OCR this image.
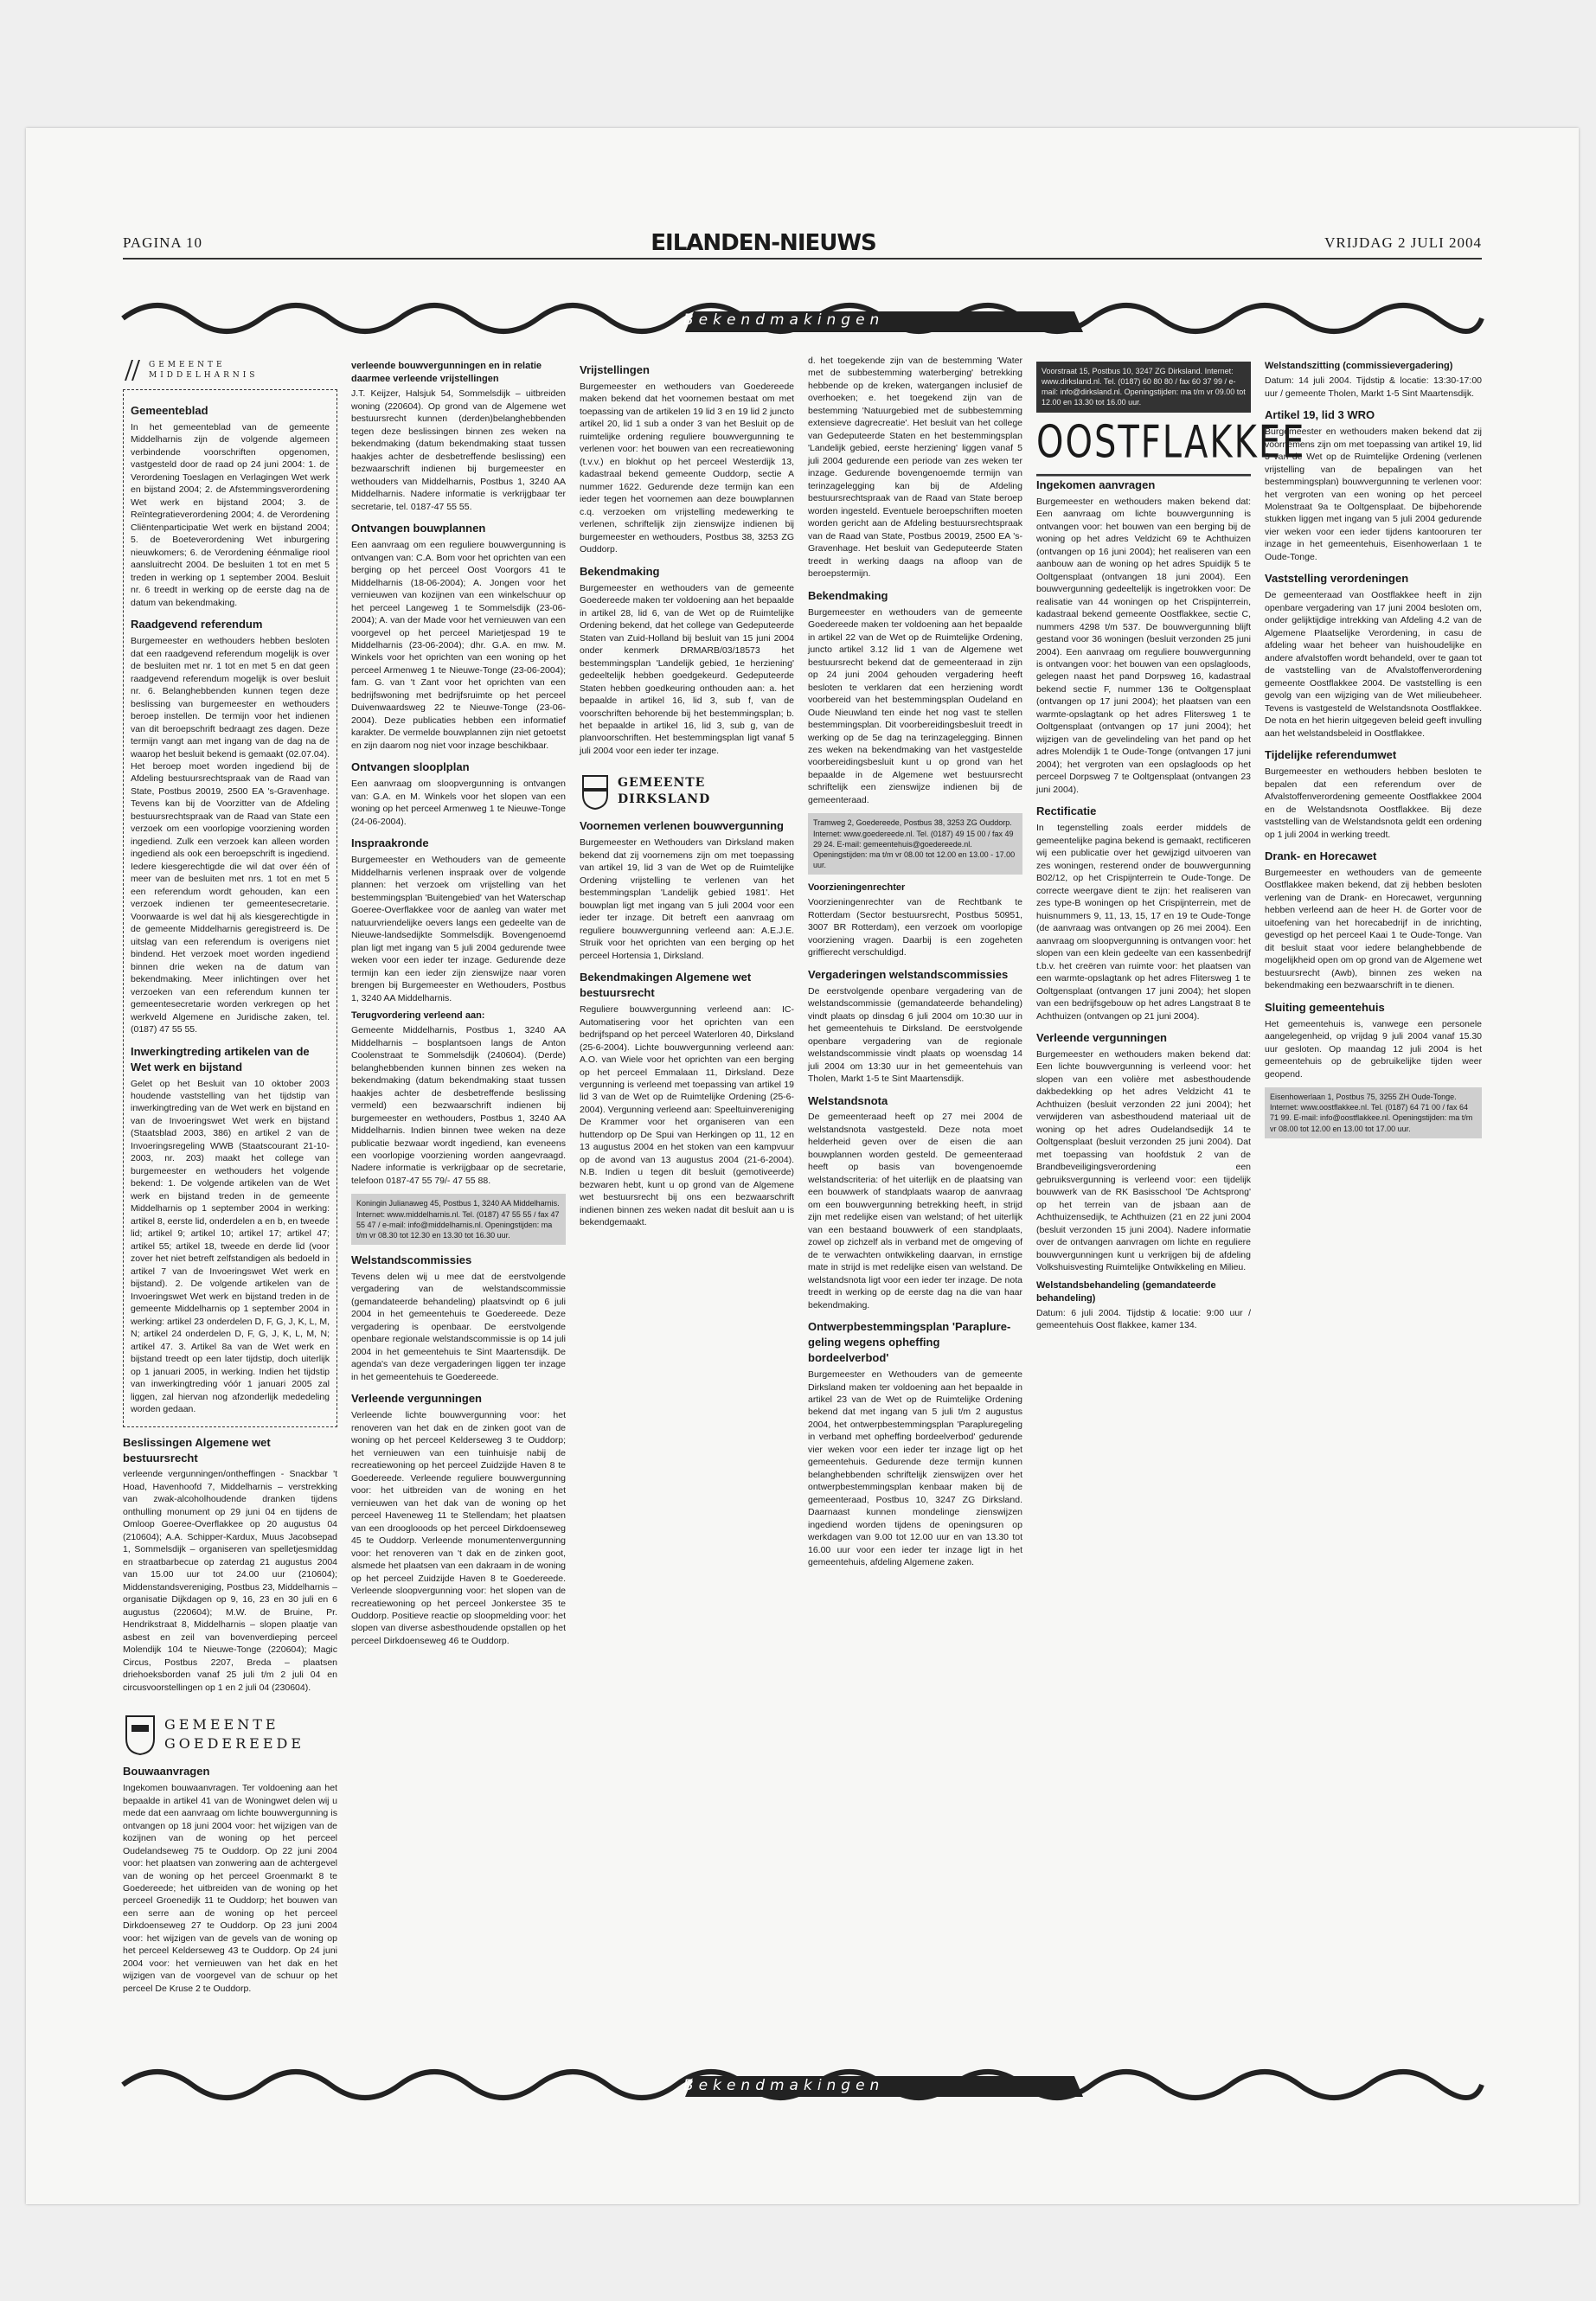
PAGINA 10	EILANDEN-NIEUWS	VRIJDAG 2 JULI 2004
Bekendmakingen
GEMEENTE MIDDELHARNIS
Gemeenteblad

In het gemeenteblad van de gemeente Middelharnis zijn de volgende algemeen verbindende voorschriften opgenomen, vastgesteld door de raad op 24 juni 2004: 1. de Verordening Toeslagen en Verlagingen Wet werk en bijstand 2004; 2. de Afstemmingsverordening Wet werk en bijstand 2004; 3. de Reïntegratieverordening 2004; 4. de Verordening Cliëntenparticipatie Wet werk en bijstand 2004; 5. de Boeteverordening Wet inburgering nieuwkomers; 6. de Verordening éénmalige riool aansluitrecht 2004. De besluiten 1 tot en met 5 treden in werking op 1 september 2004. Besluit nr. 6 treedt in werking op de eerste dag na de datum van bekendmaking.

Raadgevend referendum

Burgemeester en wethouders hebben besloten dat een raadgevend referendum mogelijk is over de besluiten met nr. 1 tot en met 5 en dat geen raadgevend referendum mogelijk is over besluit nr. 6. Belanghebbenden kunnen tegen deze beslissing van burgemeester en wethouders beroep instellen. De termijn voor het indienen van dit beroepschrift bedraagt zes dagen. Deze termijn vangt aan met ingang van de dag na de waarop het besluit bekend is gemaakt (02.07.04). Het beroep moet worden ingediend bij de Afdeling bestuursrechtspraak van de Raad van State, Postbus 20019, 2500 EA 's-Gravenhage. Tevens kan bij de Voorzitter van de Afdeling bestuursrechtspraak van de Raad van State een verzoek om een voorlopige voorziening worden ingediend. Zulk een verzoek kan alleen worden ingediend als ook een beroepschrift is ingediend. Iedere kiesgerechtigde die wil dat over één of meer van de besluiten met nrs. 1 tot en met 5 een referendum wordt gehouden, kan een verzoek indienen ter gemeentesecretarie. Voorwaarde is wel dat hij als kiesgerechtigde in de gemeente Middelharnis geregistreerd is. De uitslag van een referendum is overigens niet bindend. Het verzoek moet worden ingediend binnen drie weken na de datum van bekendmaking. Meer inlichtingen over het verzoeken van een referendum kunnen ter gemeentesecretarie worden verkregen op het werkveld Algemene en Juridische zaken, tel. (0187) 47 55 55.

Inwerkingtreding artikelen van de Wet werk en bijstand

Gelet op het Besluit van 10 oktober 2003 houdende vaststelling van het tijdstip van inwerkingtreding van de Wet werk en bijstand en van de Invoeringswet Wet werk en bijstand (Staatsblad 2003, 386) en artikel 2 van de Invoeringsregeling WWB (Staatscourant 21-10-2003, nr. 203) maakt het college van burgemeester en wethouders het volgende bekend: 1. De volgende artikelen van de Wet werk en bijstand treden in de gemeente Middelharnis op 1 september 2004 in werking: artikel 8, eerste lid, onderdelen a en b, en tweede lid; artikel 9; artikel 10; artikel 17; artikel 47; artikel 55; artikel 18, tweede en derde lid (voor zover het niet betreft zelfstandigen als bedoeld in artikel 7 van de Invoeringswet Wet werk en bijstand). 2. De volgende artikelen van de Invoeringswet Wet werk en bijstand treden in de gemeente Middelharnis op 1 september 2004 in werking: artikel 23 onderdelen D, F, G, J, K, L, M, N; artikel 24 onderdelen D, F, G, J, K, L, M, N; artikel 47. 3. Artikel 8a van de Wet werk en bijstand treedt op een later tijdstip, doch uiterlijk op 1 januari 2005, in werking. Indien het tijdstip van inwerkingtreding vóór 1 januari 2005 zal liggen, zal hiervan nog afzonderlijk mededeling worden gedaan.

Beslissingen Algemene wet bestuursrecht

verleende vergunningen/ontheffingen - Snackbar 't Hoad, Havenhoofd 7, Middelharnis – verstrekking van zwak-alcoholhoudende dranken tijdens onthulling monument op 29 juni 04 en tijdens de Omloop Goeree-Overflakkee op 20 augustus 04 (210604); A.A. Schipper-Kardux, Muus Jacobsepad 1, Sommelsdijk – organiseren van spelletjesmiddag en straatbarbecue op zaterdag 21 augustus 2004 van 15.00 uur tot 24.00 uur (210604); Middenstandsvereniging, Postbus 23, Middelharnis – organisatie Dijkdagen op 9, 16, 23 en 30 juli en 6 augustus (220604); M.W. de Bruine, Pr. Hendrikstraat 8, Middelharnis – slopen plaatje van asbest en zeil van bovenverdieping perceel Molendijk 104 te Nieuwe-Tonge (220604); Magic Circus, Postbus 2207, Breda – plaatsen driehoeksborden vanaf 25 juli t/m 2 juli 04 en circusvoorstellingen op 1 en 2 juli 04 (230604).

GEMEENTE GOEDEREEDE
Bouwaanvragen

Ingekomen bouwaanvragen. Ter voldoening aan het bepaalde in artikel 41 van de Woningwet delen wij u mede dat een aanvraag om lichte bouwvergunning is ontvangen op 18 juni 2004 voor: het wijzigen van de kozijnen van de woning op het perceel Oudelandseweg 75 te Ouddorp. Op 22 juni 2004 voor: het plaatsen van zonwering aan de achtergevel van de woning op het perceel Groenmarkt 8 te Goedereede; het uitbreiden van de woning op het perceel Groenedijk 11 te Ouddorp; het bouwen van een serre aan de woning op het perceel Dirkdoenseweg 27 te Ouddorp. Op 23 juni 2004 voor: het wijzigen van de gevels van de woning op het perceel Kelderseweg 43 te Ouddorp. Op 24 juni 2004 voor: het vernieuwen van het dak en het wijzigen van de voorgevel van de schuur op het perceel De Kruse 2 te Ouddorp.

verleende bouwvergunningen en in relatie daarmee verleende vrijstellingen

J.T. Keijzer, Halsjuk 54, Sommelsdijk – uitbreiden woning (220604). Op grond van de Algemene wet bestuursrecht kunnen (derden)belanghebbenden tegen deze beslissingen binnen zes weken na bekendmaking (datum bekendmaking staat tussen haakjes achter de desbetreffende beslissing) een bezwaarschrift indienen bij burgemeester en wethouders van Middelharnis, Postbus 1, 3240 AA Middelharnis. Nadere informatie is verkrijgbaar ter secretarie, tel. 0187-47 55 55.

Ontvangen bouwplannen

Een aanvraag om een reguliere bouwvergunning is ontvangen van: C.A. Bom voor het oprichten van een berging op het perceel Oost Voorgors 41 te Middelharnis (18-06-2004); A. Jongen voor het vernieuwen van kozijnen van een winkelschuur op het perceel Langeweg 1 te Sommelsdijk (23-06-2004); A. van der Made voor het vernieuwen van een voorgevel op het perceel Marietjespad 19 te Middelharnis (23-06-2004); dhr. G.A. en mw. M. Winkels voor het oprichten van een woning op het perceel Armenweg 1 te Nieuwe-Tonge (23-06-2004); fam. G. van 't Zant voor het oprichten van een bedrijfswoning met bedrijfsruimte op het perceel Duivenwaardsweg 22 te Nieuwe-Tonge (23-06-2004). Deze publicaties hebben een informatief karakter. De vermelde bouwplannen zijn niet getoetst en zijn daarom nog niet voor inzage beschikbaar.

Ontvangen slooplplan

Een aanvraag om sloopvergunning is ontvangen van: G.A. en M. Winkels voor het slopen van een woning op het perceel Armenweg 1 te Nieuwe-Tonge (24-06-2004).

Inspraakronde

Burgemeester en Wethouders van de gemeente Middelharnis verlenen inspraak over de volgende plannen: het verzoek om vrijstelling van het bestemmingsplan 'Buitengebied' van het Waterschap Goeree-Overflakkee voor de aanleg van water met natuurvriendelijke oevers langs een gedeelte van de Nieuwe-landsedijkte Sommelsdijk. Bovengenoemd plan ligt met ingang van 5 juli 2004 gedurende twee weken voor een ieder ter inzage. Gedurende deze termijn kan een ieder zijn zienswijze naar voren brengen bij Burgemeester en Wethouders, Postbus 1, 3240 AA Middelharnis.

Terugvordering verleend aan:

Gemeente Middelharnis, Postbus 1, 3240 AA Middelharnis – bosplantsoen langs de Anton Coolenstraat te Sommelsdijk (240604). (Derde) belanghebbenden kunnen binnen zes weken na bekendmaking (datum bekendmaking staat tussen haakjes achter de desbetreffende beslissing vermeld) een bezwaarschrift indienen bij burgemeester en wethouders, Postbus 1, 3240 AA Middelharnis. Indien binnen twee weken na deze publicatie bezwaar wordt ingediend, kan eveneens een voorlopige voorziening worden aangevraagd. Nadere informatie is verkrijgbaar op de secretarie, telefoon 0187-47 55 79/- 47 55 88.

Koningin Julianaweg 45, Postbus 1, 3240 AA Middelharnis. Internet: www.middelharnis.nl. Tel. (0187) 47 55 55 / fax 47 55 47 / e-mail: info@middelharnis.nl. Openingstijden: ma t/m vr 08.30 tot 12.30 en 13.30 tot 16.30 uur.
Welstandscommissies

Tevens delen wij u mee dat de eerstvolgende vergadering van de welstandscommissie (gemandateerde behandeling) plaatsvindt op 6 juli 2004 in het gemeentehuis te Goedereede. Deze vergadering is openbaar. De eerstvolgende openbare regionale welstandscommissie is op 14 juli 2004 in het gemeentehuis te Sint Maartensdijk. De agenda's van deze vergaderingen liggen ter inzage in het gemeentehuis te Goedereede.

Verleende vergunningen

Verleende lichte bouwvergunning voor: het renoveren van het dak en de zinken goot van de woning op het perceel Kelderseweg 3 te Ouddorp; het vernieuwen van een tuinhuisje nabij de recreatiewoning op het perceel Zuidzijde Haven 8 te Goedereede. Verleende reguliere bouwvergunning voor: het uitbreiden van de woning en het vernieuwen van het dak van de woning op het perceel Haveneweg 11 te Stellendam; het plaatsen van een drooglooods op het perceel Dirkdoenseweg 45 te Ouddorp. Verleende monumentenvergunning voor: het renoveren van 't dak en de zinken goot, alsmede het plaatsen van een dakraam in de woning op het perceel Zuidzijde Haven 8 te Goedereede. Verleende sloopvergunning voor: het slopen van de recreatiewoning op het perceel Jonkerstee 35 te Ouddorp. Positieve reactie op sloopmelding voor: het slopen van diverse asbesthoudende opstallen op het perceel Dirkdoenseweg 46 te Ouddorp.

Vrijstellingen

Burgemeester en wethouders van Goedereede maken bekend dat het voornemen bestaat om met toepassing van de artikelen 19 lid 3 en 19 lid 2 juncto artikel 20, lid 1 sub a onder 3 van het Besluit op de ruimtelijke ordening reguliere bouwvergunning te verlenen voor: het bouwen van een recreatiewoning (t.v.v.) en blokhut op het perceel Westerdijk 13, kadastraal bekend gemeente Ouddorp, sectie A nummer 1622. Gedurende deze termijn kan een ieder tegen het voornemen aan deze bouwplannen c.q. verzoeken om vrijstelling medewerking te verlenen, schriftelijk zijn zienswijze indienen bij burgemeester en wethouders, Postbus 38, 3253 ZG Ouddorp.

Bekendmaking

Burgemeester en wethouders van de gemeente Goedereede maken ter voldoening aan het bepaalde in artikel 28, lid 6, van de Wet op de Ruimtelijke Ordening bekend, dat het college van Gedeputeerde Staten van Zuid-Holland bij besluit van 15 juni 2004 onder kenmerk DRMARB/03/18573 het bestemmingsplan 'Landelijk gebied, 1e herziening' gedeeltelijk hebben goedgekeurd. Gedeputeerde Staten hebben goedkeuring onthouden aan: a. het bepaalde in artikel 16, lid 3, sub f, van de voorschriften behorende bij het bestemmingsplan; b. het bepaalde in artikel 16, lid 3, sub g, van de planvoorschriften. Het bestemmingsplan ligt vanaf 5 juli 2004 voor een ieder ter inzage.

GEMEENTE DIRKSLAND
Voornemen verlenen bouwvergunning

Burgemeester en Wethouders van Dirksland maken bekend dat zij voornemens zijn om met toepassing van artikel 19, lid 3 van de Wet op de Ruimtelijke Ordening vrijstelling te verlenen van het bestemmingsplan 'Landelijk gebied 1981'. Het bouwplan ligt met ingang van 5 juli 2004 voor een ieder ter inzage. Dit betreft een aanvraag om reguliere bouwvergunning verleend aan: A.E.J.E. Struik voor het oprichten van een berging op het perceel Hortensia 1, Dirksland.

Bekendmakingen Algemene wet bestuursrecht

Reguliere bouwvergunning verleend aan: IC-Automatisering voor het oprichten van een bedrijfspand op het perceel Waterloren 40, Dirksland (25-6-2004). Lichte bouwvergunning verleend aan: A.O. van Wiele voor het oprichten van een berging op het perceel Emmalaan 11, Dirksland. Deze vergunning is verleend met toepassing van artikel 19 lid 3 van de Wet op de Ruimtelijke Ordening (25-6-2004). Vergunning verleend aan: Speeltuinvereniging De Krammer voor het organiseren van een huttendorp op De Spui van Herkingen op 11, 12 en 13 augustus 2004 en het stoken van een kampvuur op de avond van 13 augustus 2004 (21-6-2004). N.B. Indien u tegen dit besluit (gemotiveerde) bezwaren hebt, kunt u op grond van de Algemene wet bestuursrecht bij ons een bezwaarschrift indienen binnen zes weken nadat dit besluit aan u is bekendgemaakt.

d. het toegekende zijn van de bestemming 'Water met de subbestemming waterberging' betrekking hebbende op de kreken, watergangen inclusief de overhoeken; e. het toegekend zijn van de bestemming 'Natuurgebied met de subbestemming extensieve dagrecreatie'. Het besluit van het college van Gedeputeerde Staten en het bestemmingsplan 'Landelijk gebied, eerste herziening' liggen vanaf 5 juli 2004 gedurende een periode van zes weken ter inzage. Gedurende bovengenoemde termijn van terinzagelegging kan bij de Afdeling bestuursrechtspraak van de Raad van State beroep worden ingesteld. Eventuele beroepschriften moeten worden gericht aan de Afdeling bestuursrechtspraak van de Raad van State, Postbus 20019, 2500 EA 's-Gravenhage. Het besluit van Gedeputeerde Staten treedt in werking daags na afloop van de beroepstermijn.

Bekendmaking

Burgemeester en wethouders van de gemeente Goedereede maken ter voldoening aan het bepaalde in artikel 22 van de Wet op de Ruimtelijke Ordening, juncto artikel 3.12 lid 1 van de Algemene wet bestuursrecht bekend dat de gemeenteraad in zijn op 24 juni 2004 gehouden vergadering heeft besloten te verklaren dat een herziening wordt voorbereid van het bestemmingsplan Oudeland en Oude Nieuwland ten einde het nog vast te stellen bestemmingsplan. Dit voorbereidingsbesluit treedt in werking op de 5e dag na terinzagelegging. Binnen zes weken na bekendmaking van het vastgestelde voorbereidingsbesluit kunt u op grond van het bepaalde in de Algemene wet bestuursrecht schriftelijk een zienswijze indienen bij de gemeenteraad.

Tramweg 2, Goedereede, Postbus 38, 3253 ZG Ouddorp. Internet: www.goedereede.nl. Tel. (0187) 49 15 00 / fax 49 29 24. E-mail: gemeentehuis@goedereede.nl. Openingstijden: ma t/m vr 08.00 tot 12.00 en 13.00 - 17.00 uur.
Voorzieningenrechter

Voorzieningenrechter van de Rechtbank te Rotterdam (Sector bestuursrecht, Postbus 50951, 3007 BR Rotterdam), een verzoek om voorlopige voorziening vragen. Daarbij is een zogeheten griffierecht verschuldigd.

Vergaderingen welstandscommissies

De eerstvolgende openbare vergadering van de welstandscommissie (gemandateerde behandeling) vindt plaats op dinsdag 6 juli 2004 om 10:30 uur in het gemeentehuis te Dirksland. De eerstvolgende openbare vergadering van de regionale welstandscommissie vindt plaats op woensdag 14 juli 2004 om 13:30 uur in het gemeentehuis van Tholen, Markt 1-5 te Sint Maartensdijk.

Welstandsnota

De gemeenteraad heeft op 27 mei 2004 de welstandsnota vastgesteld. Deze nota moet helderheid geven over de eisen die aan bouwplannen worden gesteld. De gemeenteraad heeft op basis van bovengenoemde welstandscriteria: of het uiterlijk en de plaatsing van een bouwwerk of standplaats waarop de aanvraag om een bouwvergunning betrekking heeft, in strijd zijn met redelijke eisen van welstand; of het uiterlijk van een bestaand bouwwerk of een standplaats, zowel op zichzelf als in verband met de omgeving of de te verwachten ontwikkeling daarvan, in ernstige mate in strijd is met redelijke eisen van welstand. De welstandsnota ligt voor een ieder ter inzage. De nota treedt in werking op de eerste dag na die van haar bekendmaking.

Ontwerpbestemmingsplan 'Parapluregeling wegens opheffing bordeelverbod'

Burgemeester en Wethouders van de gemeente Dirksland maken ter voldoening aan het bepaalde in artikel 23 van de Wet op de Ruimtelijke Ordening bekend dat met ingang van 5 juli t/m 2 augustus 2004, het ontwerpbestemmingsplan 'Parapluregeling in verband met opheffing bordeelverbod' gedurende vier weken voor een ieder ter inzage ligt op het gemeentehuis. Gedurende deze termijn kunnen belanghebbenden schriftelijk zienswijzen over het ontwerpbestemmingsplan kenbaar maken bij de gemeenteraad, Postbus 10, 3247 ZG Dirksland. Daarnaast kunnen mondelinge zienswijzen ingediend worden tijdens de openingsuren op werkdagen van 9.00 tot 12.00 uur en van 13.30 tot 16.00 uur voor een ieder ter inzage ligt in het gemeentehuis, afdeling Algemene zaken.

Voorstraat 15, Postbus 10, 3247 ZG Dirksland. Internet: www.dirksland.nl. Tel. (0187) 60 80 80 / fax 60 37 99 / e-mail: info@dirksland.nl. Openingstijden: ma t/m vr 09.00 tot 12.00 en 13.30 tot 16.00 uur.
OOSTFLAKKEE
Ingekomen aanvragen

Burgemeester en wethouders maken bekend dat: Een aanvraag om lichte bouwvergunning is ontvangen voor: het bouwen van een berging bij de woning op het adres Veldzicht 69 te Achthuizen (ontvangen op 16 juni 2004); het realiseren van een aanbouw aan de woning op het adres Spuidijk 5 te Ooltgensplaat (ontvangen 18 juni 2004). Een bouwvergunning gedeeltelijk is ingetrokken voor: De realisatie van 44 woningen op het Crispijnterrein, kadastraal bekend gemeente Oostflakkee, sectie C, nummers 4298 t/m 537. De bouwvergunning blijft gestand voor 36 woningen (besluit verzonden 25 juni 2004). Een aanvraag om reguliere bouwvergunning is ontvangen voor: het bouwen van een opslagloods, gelegen naast het pand Dorpsweg 16, kadastraal bekend sectie F, nummer 136 te Ooltgensplaat (ontvangen op 17 juni 2004); het plaatsen van een warmte-opslagtank op het adres Flitersweg 1 te Ooltgensplaat (ontvangen op 17 juni 2004); het wijzigen van de gevelindeling van het pand op het adres Molendijk 1 te Oude-Tonge (ontvangen 17 juni 2004); het vergroten van een opslagloods op het perceel Dorpsweg 7 te Ooltgensplaat (ontvangen 23 juni 2004).

Rectificatie

In tegenstelling zoals eerder middels de gemeentelijke pagina bekend is gemaakt, rectificeren wij een publicatie over het gewijzigd uitvoeren van zes woningen, resterend onder de bouwvergunning B02/12, op het Crispijnterrein te Oude-Tonge. De correcte weergave dient te zijn: het realiseren van zes type-B woningen op het Crispijnterrein, met de huisnummers 9, 11, 13, 15, 17 en 19 te Oude-Tonge (de aanvraag was ontvangen op 26 mei 2004). Een aanvraag om sloopvergunning is ontvangen voor: het slopen van een klein gedeelte van een kassenbedrijf t.b.v. het creëren van ruimte voor: het plaatsen van een warmte-opslagtank op het adres Flitersweg 1 te Ooltgensplaat (ontvangen 17 juni 2004); het slopen van een bedrijfsgebouw op het adres Langstraat 8 te Achthuizen (ontvangen op 21 juni 2004).

Verleende vergunningen

Burgemeester en wethouders maken bekend dat: Een lichte bouwvergunning is verleend voor: het slopen van een volière met asbesthoudende dakbedekking op het adres Veldzicht 41 te Achthuizen (besluit verzonden 22 juni 2004); het verwijderen van asbesthoudend materiaal uit de woning op het adres Oudelandsedijk 14 te Ooltgensplaat (besluit verzonden 25 juni 2004). Dat met toepassing van hoofdstuk 2 van de Brandbeveiligingsverordening een gebruiksvergunning is verleend voor: een tijdelijk bouwwerk van de RK Basisschool 'De Achtsprong' op het terrein van de jsbaan aan de Achthuizensedijk, te Achthuizen (21 en 22 juni 2004 (besluit verzonden 15 juni 2004). Nadere informatie over de ontvangen aanvragen om lichte en reguliere bouwvergunningen kunt u verkrijgen bij de afdeling Volkshuisvesting Ruimtelijke Ontwikkeling en Milieu.

Welstandsbehandeling (gemandateerde behandeling)

Datum: 6 juli 2004. Tijdstip & locatie: 9:00 uur / gemeentehuis Oost flakkee, kamer 134.

Welstandszitting (commissievergadering)

Datum: 14 juli 2004. Tijdstip & locatie: 13:30-17:00 uur / gemeente Tholen, Markt 1-5 Sint Maartensdijk.

Artikel 19, lid 3 WRO

Burgemeester en wethouders maken bekend dat zij voornemens zijn om met toepassing van artikel 19, lid 3 van de Wet op de Ruimtelijke Ordening (verlenen vrijstelling van de bepalingen van het bestemmingsplan) bouwvergunning te verlenen voor: het vergroten van een woning op het perceel Molenstraat 9a te Ooltgensplaat. De bijbehorende stukken liggen met ingang van 5 juli 2004 gedurende vier weken voor een ieder tijdens kantooruren ter inzage in het gemeentehuis, Eisenhowerlaan 1 te Oude-Tonge.

Vaststelling verordeningen

De gemeenteraad van Oostflakkee heeft in zijn openbare vergadering van 17 juni 2004 besloten om, onder gelijktijdige intrekking van Afdeling 4.2 van de Algemene Plaatselijke Verordening, in casu de afdeling waar het beheer van huishoudelijke en andere afvalstoffen wordt behandeld, over te gaan tot de vaststelling van de Afvalstoffenverordening gemeente Oostflakkee 2004. De vaststelling is een gevolg van een wijziging van de Wet milieubeheer. Tevens is vastgesteld de Welstandsnota Oostflakkee. De nota en het hierin uitgegeven beleid geeft invulling aan het welstandsbeleid in Oostflakkee.

Tijdelijke referendumwet

Burgemeester en wethouders hebben besloten te bepalen dat een referendum over de Afvalstoffenverordening gemeente Oostflakkee 2004 en de Welstandsnota Oostflakkee. Bij deze vaststelling van de Welstandsnota geldt een ordening op 1 juli 2004 in werking treedt.

Drank- en Horecawet

Burgemeester en wethouders van de gemeente Oostflakkee maken bekend, dat zij hebben besloten verlening van de Drank- en Horecawet, vergunning hebben verleend aan de heer H. de Gorter voor de uitoefening van het horecabedrijf in de inrichting, gevestigd op het perceel Kaai 1 te Oude-Tonge. Van dit besluit staat voor iedere belanghebbende de mogelijkheid open om op grond van de Algemene wet bestuursrecht (Awb), binnen zes weken na bekendmaking een bezwaarschrift in te dienen.

Sluiting gemeentehuis

Het gemeentehuis is, vanwege een personele aangelegenheid, op vrijdag 9 juli 2004 vanaf 15.30 uur gesloten. Op maandag 12 juli 2004 is het gemeentehuis op de gebruikelijke tijden weer geopend.

Eisenhowerlaan 1, Postbus 75, 3255 ZH Oude-Tonge. Internet: www.oostflakkee.nl. Tel. (0187) 64 71 00 / fax 64 71 99. E-mail: info@oostflakkee.nl. Openingstijden: ma t/m vr 08.00 tot 12.00 en 13.00 tot 17.00 uur.
Bekendmakingen
